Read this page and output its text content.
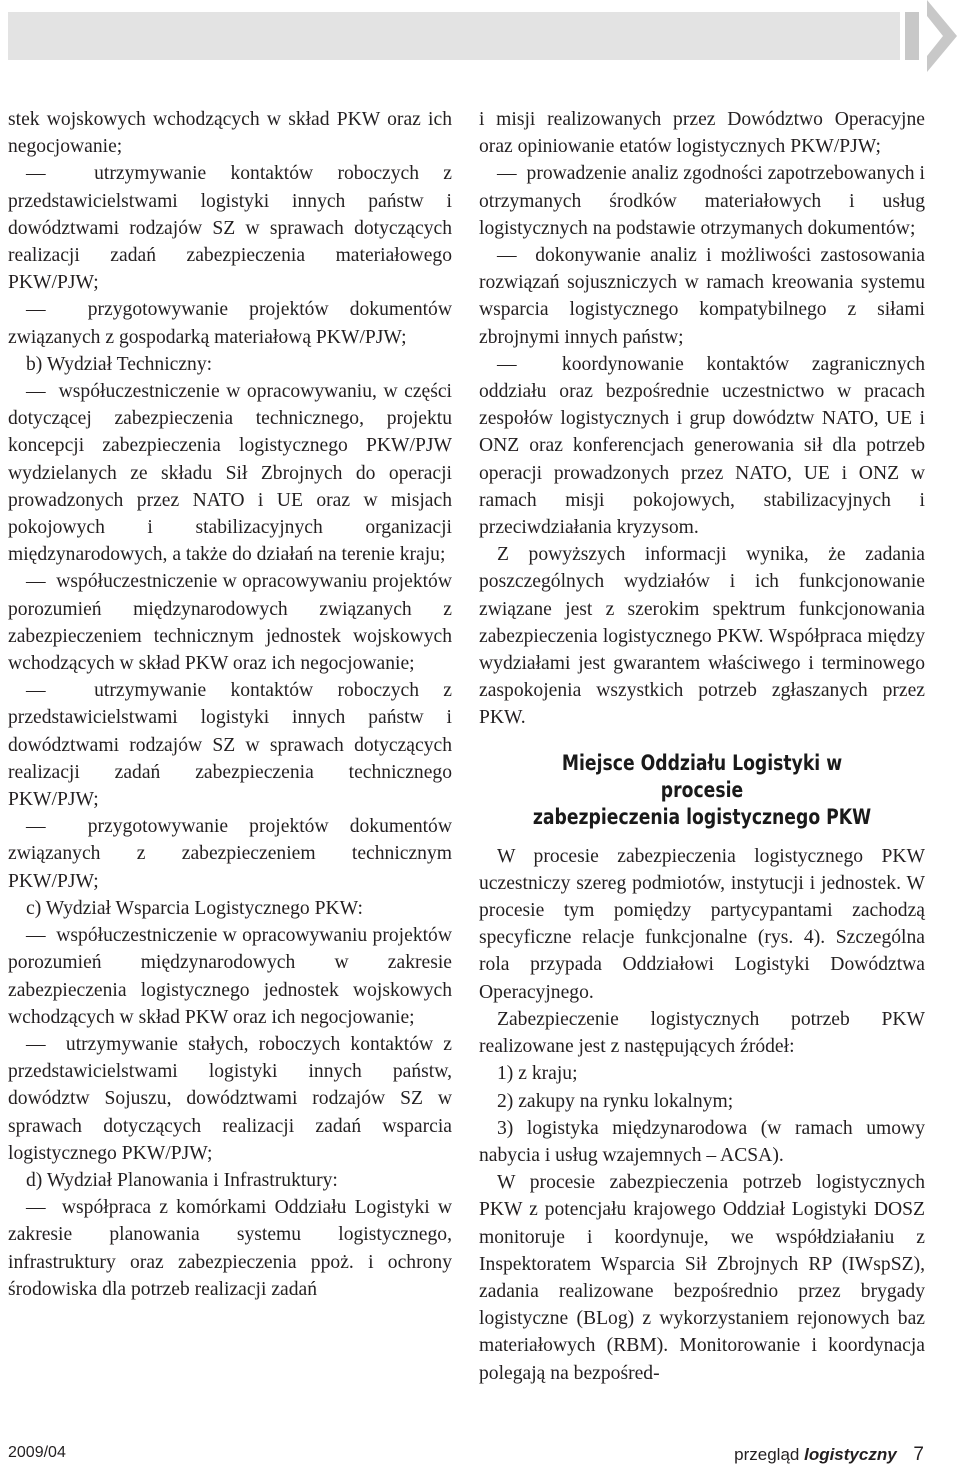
stek wojskowych wchodzących w skład PKW oraz ich negocjowanie;

—  utrzymywanie kontaktów roboczych z przedstawicielstwami logistyki innych państw i dowództwami rodzajów SZ w sprawach dotyczących realizacji zadań zabezpieczenia materiałowego PKW/PJW;

—  przygotowywanie projektów dokumentów związanych z gospodarką materiałową PKW/PJW;

b) Wydział Techniczny:

—  współuczestniczenie w opracowywaniu, w części dotyczącej zabezpieczenia technicznego, projektu koncepcji zabezpieczenia logistycznego PKW/PJW wydzielanych ze składu Sił Zbrojnych do operacji prowadzonych przez NATO i UE oraz w misjach pokojowych i stabilizacyjnych organizacji międzynarodowych, a także do działań na terenie kraju;

—  współuczestniczenie w opracowywaniu projektów porozumień międzynarodowych związanych z zabezpieczeniem technicznym jednostek wojskowych wchodzących w skład PKW oraz ich negocjowanie;

—  utrzymywanie kontaktów roboczych z przedstawicielstwami logistyki innych państw i dowództwami rodzajów SZ w sprawach dotyczących realizacji zadań zabezpieczenia technicznego PKW/PJW;

—  przygotowywanie projektów dokumentów związanych z zabezpieczeniem technicznym PKW/PJW;

c) Wydział Wsparcia Logistycznego PKW:

—  współuczestniczenie w opracowywaniu projektów porozumień międzynarodowych w zakresie zabezpieczenia logistycznego jednostek wojskowych wchodzących w skład PKW oraz ich negocjowanie;

—  utrzymywanie stałych, roboczych kontaktów z przedstawicielstwami logistyki innych państw, dowództw Sojuszu, dowództwami rodzajów SZ w sprawach dotyczących realizacji zadań wsparcia logistycznego PKW/PJW;

d) Wydział Planowania i Infrastruktury:

—  współpraca z komórkami Oddziału Logistyki w zakresie planowania systemu logistycznego, infrastruktury oraz zabezpieczenia ppoż. i ochrony środowiska dla potrzeb realizacji zadań

i misji realizowanych przez Dowództwo Operacyjne oraz opiniowanie etatów logistycznych PKW/PJW;

—  prowadzenie analiz zgodności zapotrzebowanych i otrzymanych środków materiałowych i usług logistycznych na podstawie otrzymanych dokumentów;

—  dokonywanie analiz i możliwości zastosowania rozwiązań sojuszniczych w ramach kreowania systemu wsparcia logistycznego kompatybilnego z siłami zbrojnymi innych państw;

—  koordynowanie kontaktów zagranicznych oddziału oraz bezpośrednie uczestnictwo w pracach zespołów logistycznych i grup dowództw NATO, UE i ONZ oraz konferencjach generowania sił dla potrzeb operacji prowadzonych przez NATO, UE i ONZ w ramach misji pokojowych, stabilizacyjnych i przeciwdziałania kryzysom.

Z powyższych informacji wynika, że zadania poszczególnych wydziałów i ich funkcjonowanie związane jest z szerokim spektrum funkcjonowania zabezpieczenia logistycznego PKW. Współpraca między wydziałami jest gwarantem właściwego i terminowego zaspokojenia wszystkich potrzeb zgłaszanych przez PKW.

Miejsce Oddziału Logistyki w procesie
zabezpieczenia logistycznego PKW

W procesie zabezpieczenia logistycznego PKW uczestniczy szereg podmiotów, instytucji i jednostek. W procesie tym pomiędzy partycypantami zachodzą specyficzne relacje funkcjonalne (rys. 4). Szczególna rola przypada Oddziałowi Logistyki Dowództwa Operacyjnego.

Zabezpieczenie logistycznych potrzeb PKW realizowane jest z następujących źródeł:

1) z kraju;

2) zakupy na rynku lokalnym;

3) logistyka międzynarodowa (w ramach umowy nabycia i usług wzajemnych – ACSA).

W procesie zabezpieczenia potrzeb logistycznych PKW z potencjału krajowego Oddział Logistyki DOSZ monitoruje i koordynuje, we współdziałaniu z Inspektoratem Wsparcia Sił Zbrojnych RP (IWspSZ), zadania realizowane bezpośrednio przez brygady logistyczne (BLog) z wykorzystaniem rejonowych baz materiałowych (RBM). Monitorowanie i koordynacja polegają na bezpośred-

2009/04	przegląd logistyczny 7
